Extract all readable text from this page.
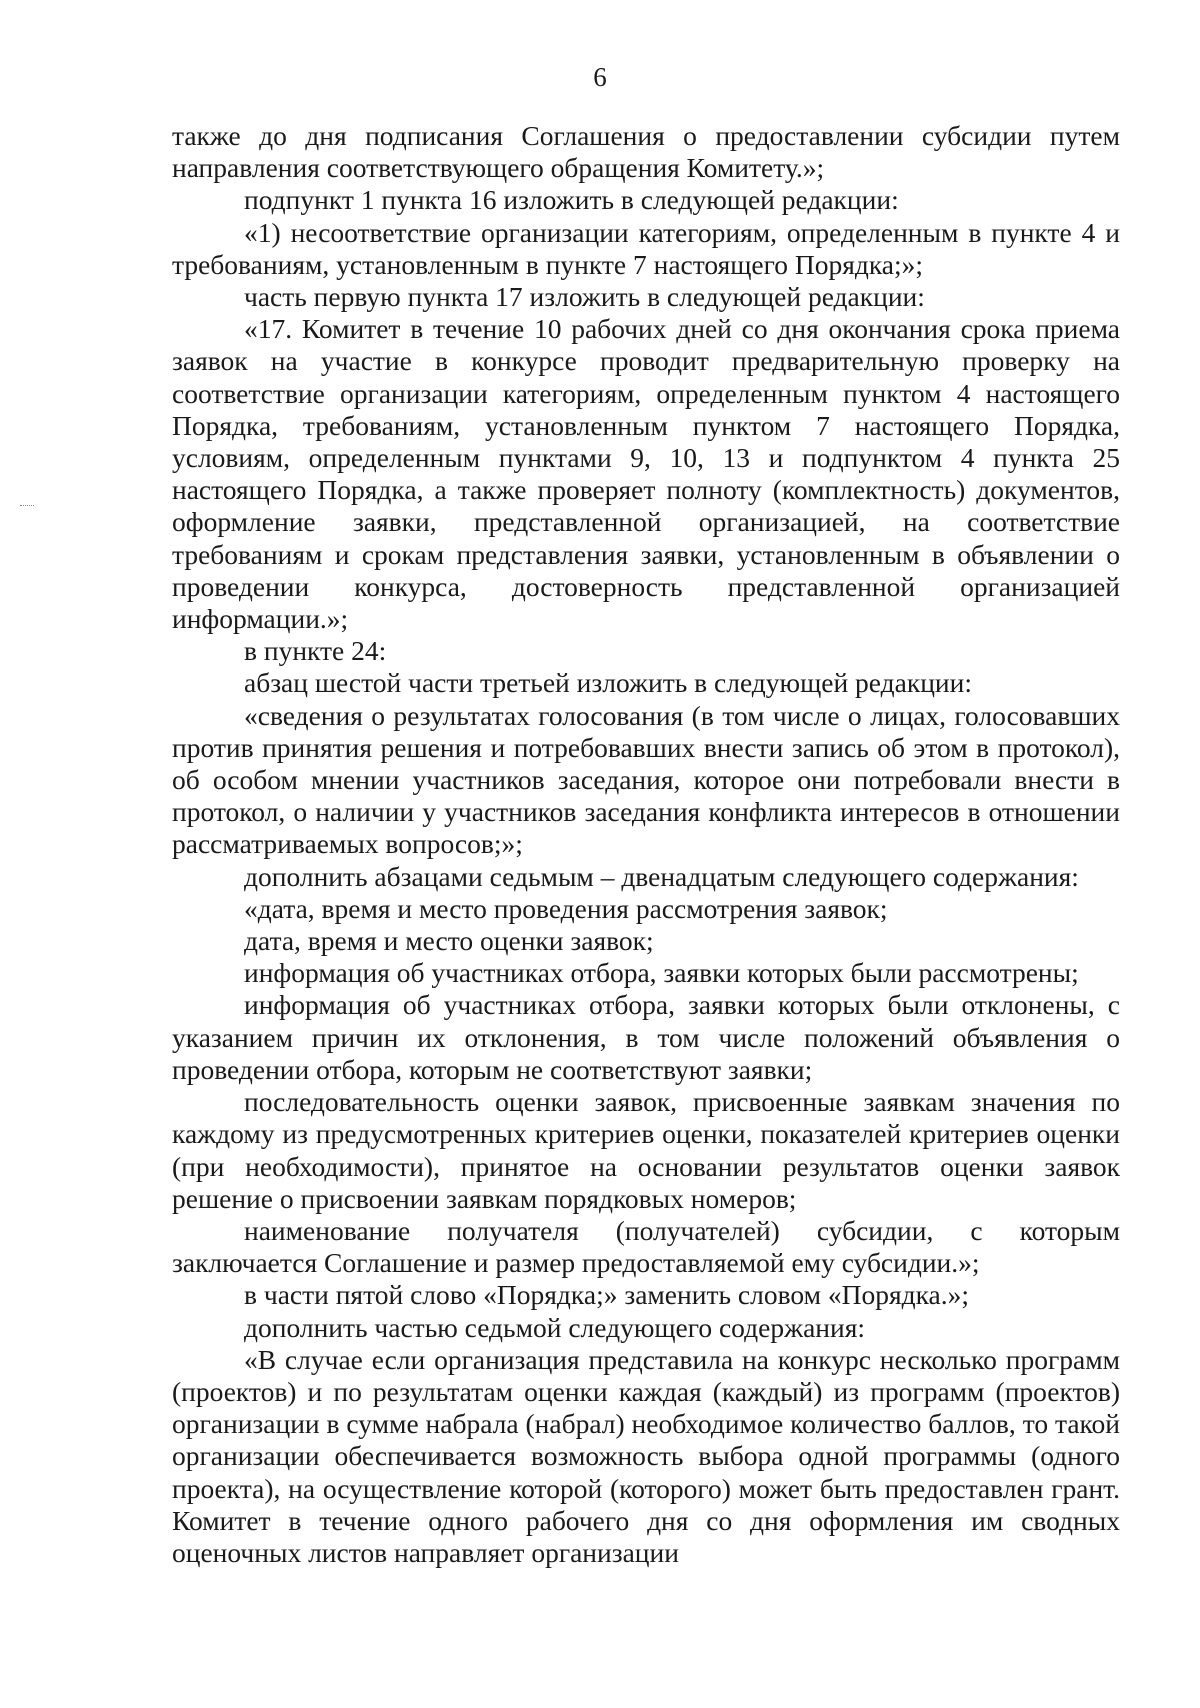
6

также до дня подписания Соглашения о предоставлении субсидии путем направления соответствующего обращения Комитету.»;

подпункт 1 пункта 16 изложить в следующей редакции:

«1) несоответствие организации категориям, определенным в пункте 4 и требованиям, установленным в пункте 7 настоящего Порядка;»;

часть первую пункта 17 изложить в следующей редакции:

«17. Комитет в течение 10 рабочих дней со дня окончания срока приема заявок на участие в конкурсе проводит предварительную проверку на соответствие организации категориям, определенным пунктом 4 настоящего Порядка, требованиям, установленным пунктом 7 настоящего Порядка, условиям, определенным пунктами 9, 10, 13 и подпунктом 4 пункта 25 настоящего Порядка, а также проверяет полноту (комплектность) документов, оформление заявки, представленной организацией, на соответствие требованиям и срокам представления заявки, установленным в объявлении о проведении конкурса, достоверность представленной организацией информации.»;

в пункте 24:

абзац шестой части третьей изложить в следующей редакции:

«сведения о результатах голосования (в том числе о лицах, голосовавших против принятия решения и потребовавших внести запись об этом в протокол), об особом мнении участников заседания, которое они потребовали внести в протокол, о наличии у участников заседания конфликта интересов в отношении рассматриваемых вопросов;»;

дополнить абзацами седьмым – двенадцатым следующего содержания:

«дата, время и место проведения рассмотрения заявок;

дата, время и место оценки заявок;

информация об участниках отбора, заявки которых были рассмотрены;

информация об участниках отбора, заявки которых были отклонены, с указанием причин их отклонения, в том числе положений объявления о проведении отбора, которым не соответствуют заявки;

последовательность оценки заявок, присвоенные заявкам значения по каждому из предусмотренных критериев оценки, показателей критериев оценки (при необходимости), принятое на основании результатов оценки заявок решение о присвоении заявкам порядковых номеров;

наименование получателя (получателей) субсидии, с которым заключается Соглашение и размер предоставляемой ему субсидии.»;

в части пятой слово «Порядка;» заменить словом «Порядка.»;

дополнить частью седьмой следующего содержания:

«В случае если организация представила на конкурс несколько программ (проектов) и по результатам оценки каждая (каждый) из программ (проектов) организации в сумме набрала (набрал) необходимое количество баллов, то такой организации обеспечивается возможность выбора одной программы (одного проекта), на осуществление которой (которого) может быть предоставлен грант. Комитет в течение одного рабочего дня со дня оформления им сводных оценочных листов направляет организации
